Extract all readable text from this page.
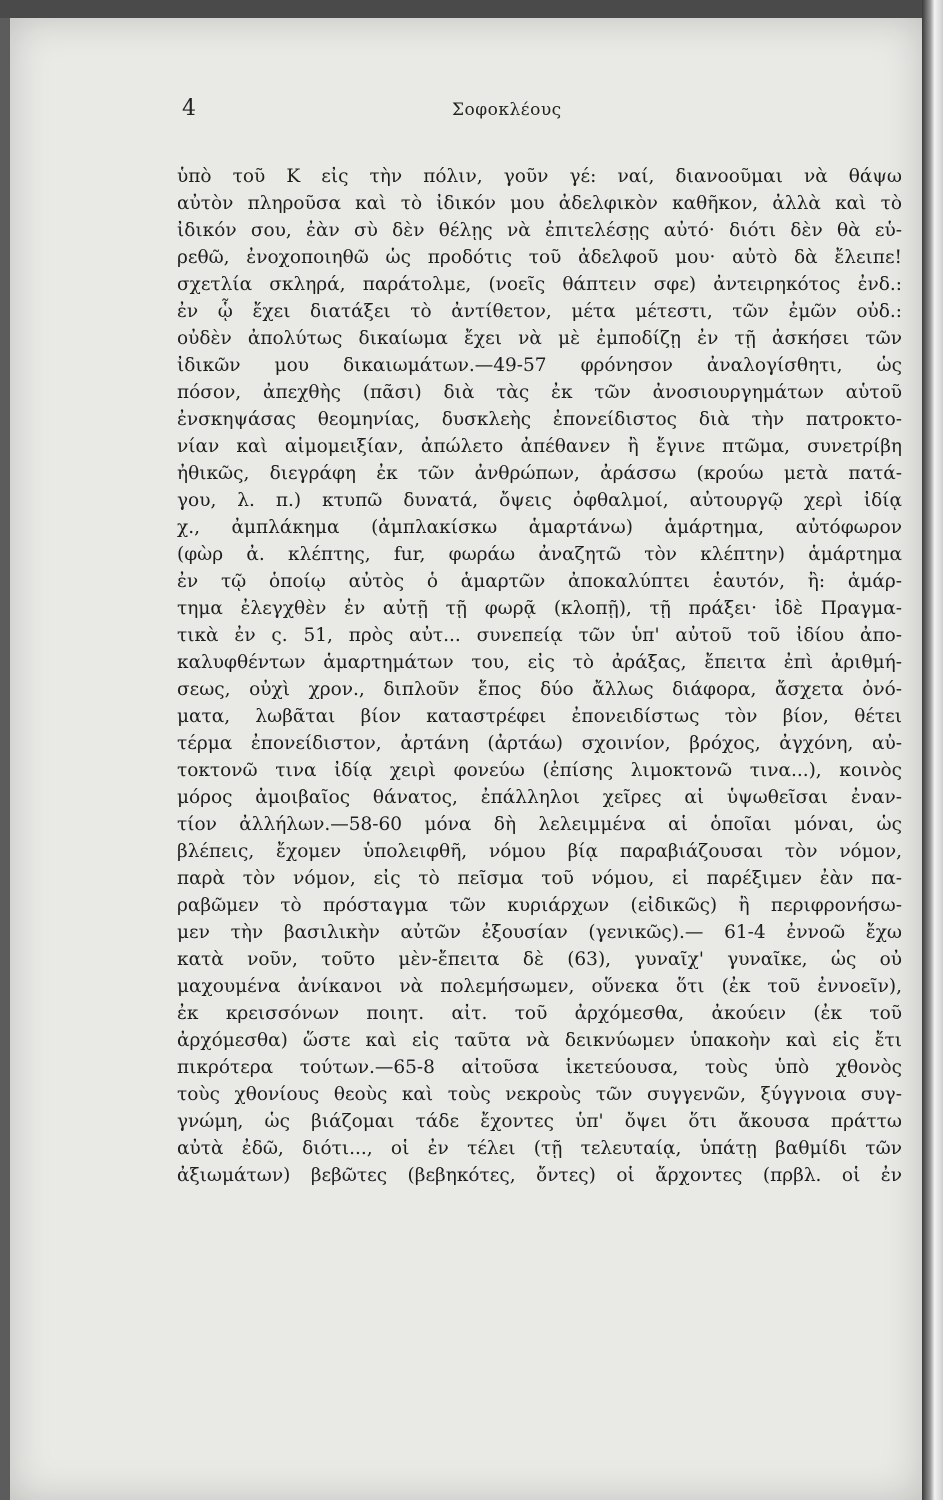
4	Σοφοκλέους
ὑπὸ τοῦ Κ εἰς τὴν πόλιν, γοῦν γέ: ναί, διανοοῦμαι νὰ θάψω
αὐτὸν πληροῦσα καὶ τὸ ἰδικόν μου ἀδελφικὸν καθῆκον, ἀλλὰ καὶ τὸ
ἰδικόν σου, ἐὰν σὺ δὲν θέλῃς νὰ ἐπιτελέσῃς αὐτό· διότι δὲν θὰ εὑ-
ρεθῶ, ἐνοχοποιηθῶ ὡς προδότις τοῦ ἀδελφοῦ μου· αὐτὸ δὰ ἔλειπε!
σχετλία σκληρά, παράτολμε, (νοεῖς θάπτειν σφε) ἀντειρηκότος ἐνδ.:
ἐν ᾧ ἔχει διατάξει τὸ ἀντίθετον, μέτα μέτεστι, τῶν ἐμῶν οὐδ.:
οὐδὲν ἀπολύτως δικαίωμα ἔχει νὰ μὲ ἐμποδίζῃ ἐν τῇ ἀσκήσει τῶν
ἰδικῶν μου δικαιωμάτων.—49-57 φρόνησον ἀναλογίσθητι, ὡς
πόσον, ἀπεχθὴς (πᾶσι) διὰ τὰς ἐκ τῶν ἀνοσιουργημάτων αὑτοῦ
ἐνσκηψάσας θεομηνίας, δυσκλεὴς ἐπονείδιστος διὰ τὴν πατροκτο-
νίαν καὶ αἱμομειξίαν, ἀπώλετο ἀπέθανεν ἢ ἔγινε πτῶμα, συνετρίβη
ἠθικῶς, διεγράφη ἐκ τῶν ἀνθρώπων, ἀράσσω (κρούω μετὰ πατά-
γου, λ. π.) κτυπῶ δυνατά, ὄψεις ὀφθαλμοί, αὐτουργῷ χερὶ ἰδίᾳ
χ., ἀμπλάκημα (ἀμπλακίσκω ἁμαρτάνω) ἁμάρτημα, αὐτόφωρον
(φὼρ ἀ. κλέπτης, fur, φωράω ἀναζητῶ τὸν κλέπτην) ἁμάρτημα
ἐν τῷ ὁποίῳ αὐτὸς ὁ ἁμαρτῶν ἀποκαλύπτει ἑαυτόν, ἢ: ἁμάρ-
τημα ἐλεγχθὲν ἐν αὐτῇ τῇ φωρᾷ (κλοπῇ), τῇ πράξει· ἰδὲ Πραγμα-
τικὰ ἐν ς. 51, πρὸς αὐτ... συνεπείᾳ τῶν ὑπ' αὐτοῦ τοῦ ἰδίου ἀπο-
καλυφθέντων ἁμαρτημάτων του, εἰς τὸ ἀράξας, ἔπειτα ἐπὶ ἀριθμή-
σεως, οὐχὶ χρον., διπλοῦν ἔπος δύο ἄλλως διάφορα, ἄσχετα ὀνό-
ματα, λωβᾶται βίον καταστρέφει ἐπονειδίστως τὸν βίον, θέτει
τέρμα ἐπονείδιστον, ἀρτάνη (ἀρτάω) σχοινίον, βρόχος, ἀγχόνη, αὐ-
τοκτονῶ τινα ἰδίᾳ χειρὶ φονεύω (ἐπίσης λιμοκτονῶ τινα...), κοινὸς
μόρος ἀμοιβαῖος θάνατος, ἐπάλληλοι χεῖρες αἱ ὑψωθεῖσαι ἐναν-
τίον ἀλλήλων.—58-60 μόνα δὴ λελειμμένα αἱ ὁποῖαι μόναι, ὡς
βλέπεις, ἔχομεν ὑπολειφθῆ, νόμου βίᾳ παραβιάζουσαι τὸν νόμον,
παρὰ τὸν νόμον, εἰς τὸ πεῖσμα τοῦ νόμου, εἰ παρέξιμεν ἐὰν πα-
ραβῶμεν τὸ πρόσταγμα τῶν κυριάρχων (εἰδικῶς) ἢ περιφρονήσω-
μεν τὴν βασιλικὴν αὐτῶν ἐξουσίαν (γενικῶς).— 61-4 ἐννοῶ ἔχω
κατὰ νοῦν, τοῦτο μὲν-ἔπειτα δὲ (63), γυναῖχ' γυναῖκε, ὡς οὐ
μαχουμένα ἀνίκανοι νὰ πολεμήσωμεν, οὕνεκα ὅτι (ἐκ τοῦ ἐννοεῖν),
ἐκ κρεισσόνων ποιητ. αἰτ. τοῦ ἀρχόμεσθα, ἀκούειν (ἐκ τοῦ
ἀρχόμεσθα) ὥστε καὶ εἰς ταῦτα νὰ δεικνύωμεν ὑπακοὴν καὶ εἰς ἔτι
πικρότερα τούτων.—65-8 αἰτοῦσα ἱκετεύουσα, τοὺς ὑπὸ χθονὸς
τοὺς χθονίους θεοὺς καὶ τοὺς νεκροὺς τῶν συγγενῶν, ξύγγνοια συγ-
γνώμη, ὡς βιάζομαι τάδε ἔχοντες ὑπ' ὄψει ὅτι ἄκουσα πράττω
αὐτὰ ἐδῶ, διότι..., οἱ ἐν τέλει (τῇ τελευταίᾳ, ὑπάτῃ βαθμίδι τῶν
ἀξιωμάτων) βεβῶτες (βεβηκότες, ὄντες) οἱ ἄρχοντες (πρβλ. οἱ ἐν
